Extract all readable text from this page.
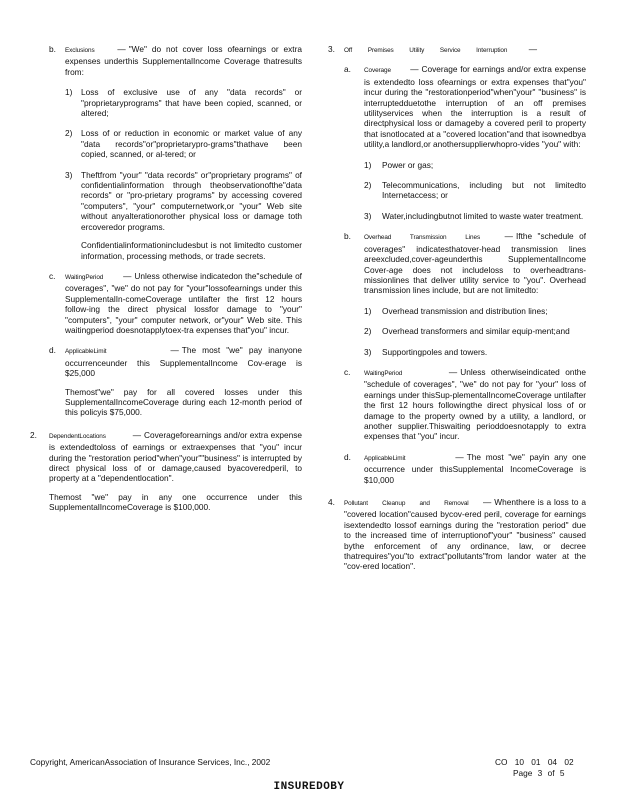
b.	Exclusions    — "We" do not cover loss ofearnings or extra expenses underthis SupplementalIncome Coverage thatresults from:
1)	Loss of exclusive use of any "data records" or "proprietaryprograms" that have been copied, scanned, or altered;
2)	Loss of or reduction in economic or market value of any "data records"or"proprietarypro-grams"thathave been copied, scanned, or al-tered; or
3)	Theftfrom "your" "data records" or"proprietary programs" of confidentialinformation through theobservationofthe"data records" or "pro-prietary programs" by accessing covered "computers", "your" computernetwork,or "your" Web site without anyalterationorother physical loss or damage toth ercoveredor programs.
Confidentialinformationincludesbut is not limitedto customer information, processing methods, or trade secrets.
c.	WaitingPeriod       — Unless otherwise indicatedon the"schedule of coverages", "we" do not pay for "your"lossofearnings under this SupplementalIn-comeCoverage untilafter the first 12 hours follow-ing the direct physical lossfor damage to "your" "computers", "your" computer network, or"your" Web site. This waitingperiod doesnotapplytoex-tra expenses that"you" incur.
d.	ApplicableLimit          — The most "we" pay inanyone occurrenceunder this SupplementalIncome Cov-erage is $25,000
Themost"we" pay for all covered losses under this SupplementalIncomeCoverage during each 12-month period of this policyis $75,000.
2.	DependentLocations          — Coverageforearnings and/or extra expense is extendedtoloss of earnings or extraexpenses that "you" incur during the "restoration period"when"your""business" is interrupted by direct physical loss of or damage,caused byacoveredperil, to property at a "dependentlocation".
Themost "we" pay in any one occurrence under this SupplementalIncomeCoverage is $100,000.
3.	Off Premises Utility Service Interruption        —
a.	Coverage      — Coverage for earnings and/or extra expense is extendedto loss ofearnings or extra expenses that"you" incur during the "restorationperiod"when"your" "business" is interruptedduetothe interruption of an off premises utilityservices when the interruption is a result of directphysical loss or damageby a covered peril to property that isnotlocated at a "covered location"and that isownedbya utility,a landlord,or anothersupplierwhopro-vides "you" with:
1)	Power or gas;
2)	Telecommunications, including but not limitedto Internetaccess; or
3)	Water,includingbutnot limited to waste water treatment.
b.	Overhead Transmission Lines    — Ifthe "schedule of coverages" indicatesthatover-head transmission lines areexcluded,cover-ageunderthis SupplementalIncome Cover-age does not includeloss to overheadtrans-missionlines that deliver utility service to "you". Overhead transmission lines include, but are not limitedto:
1)	Overhead transmission and distribution lines;
2)	Overhead transformers and similar equip-ment;and
3)	Supportingpoles and towers.
c.	WaitingPeriod        — Unless otherwiseindicated onthe "schedule of coverages", "we" do not pay for "your" loss of earnings under thisSup-plementalIncomeCoverage untilafter the first 12 hours followingthe direct physical loss of or damage to the property owned by a utility, a landlord, or another supplier.Thiswaiting perioddoesnotapply to extra expenses that "you" incur.
d.	ApplicableLimit          — The most "we" payin any one occurrence under thisSupplemental IncomeCoverage is $10,000
4.	Pollutant Cleanup and Removal    — Whenthere is a loss to a "covered location"caused bycov-ered peril, coverage for earnings isextendedto lossof earnings during the "restoration period" due to the increased time of interruptionof"your" "business" caused bythe enforcement of any ordinance, law, or decree thatrequires"you"to extract"pollutants"from landor water at the "cov-ered location".
Copyright, AmericanAssociation of Insurance Services, Inc., 2002	CO 10 01 04 02
Page 3 of 5
INSUREDOBY
